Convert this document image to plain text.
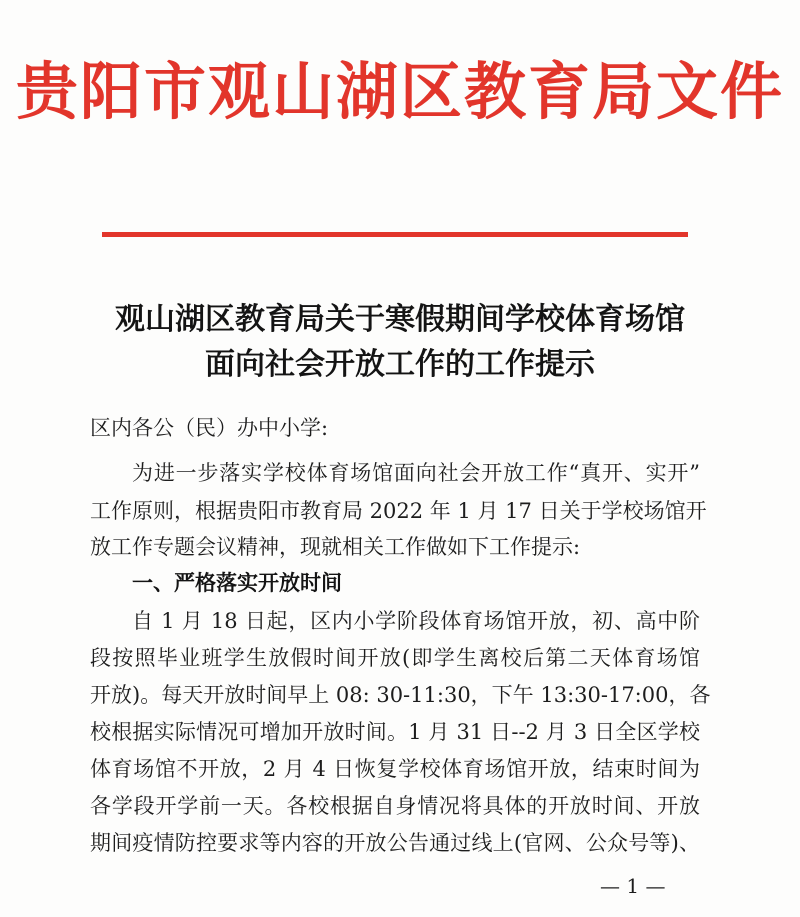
贵阳市观山湖区教育局文件
观山湖区教育局关于寒假期间学校体育场馆
面向社会开放工作的工作提示
区内各公（民）办中小学:
为进一步落实学校体育场馆面向社会开放工作“真开、实开”
工作原则，根据贵阳市教育局 2022 年 1 月 17 日关于学校场馆开
放工作专题会议精神，现就相关工作做如下工作提示:
一、严格落实开放时间
自 1 月 18 日起，区内小学阶段体育场馆开放，初、高中阶
段按照毕业班学生放假时间开放(即学生离校后第二天体育场馆
开放)。每天开放时间早上 08: 30-11:30，下午 13:30-17:00，各
校根据实际情况可增加开放时间。1 月 31 日--2 月 3 日全区学校
体育场馆不开放，2 月 4 日恢复学校体育场馆开放，结束时间为
各学段开学前一天。各校根据自身情况将具体的开放时间、开放
期间疫情防控要求等内容的开放公告通过线上(官网、公众号等)、
— 1 —
